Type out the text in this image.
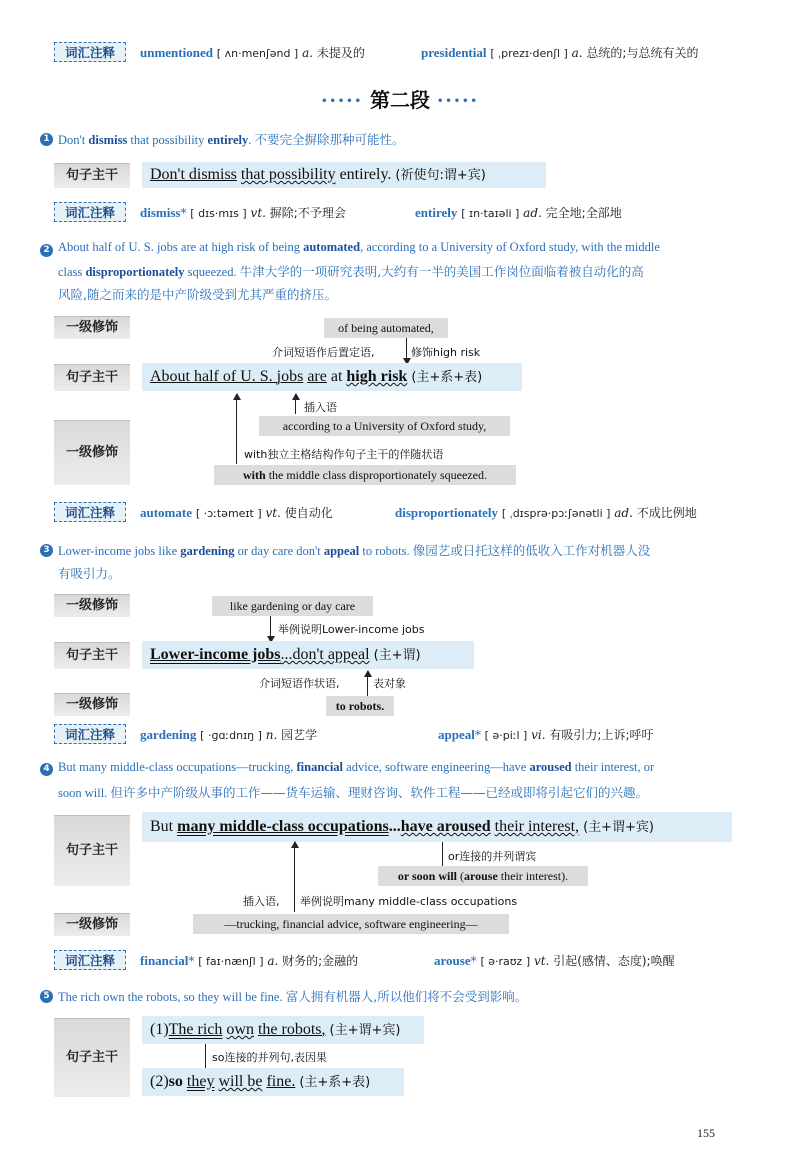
词汇注释	unmentioned [ ʌn·menʃənd ] a. 未提及的	presidential [ ˌprezɪ·denʃl ] a. 总统的;与总统有关的
••••• 第二段 •••••
1 Don't dismiss that possibility entirely. 不要完全摒除那种可能性。
句子主干	Don't dismiss that possibility entirely. (祈使句:谓+宾)
词汇注释	dismiss* [ dɪs·mɪs ] vt. 摒除;不予理会	entirely [ ɪn·taɪəli ] ad. 完全地;全部地
2 About half of U. S. jobs are at high risk of being automated, according to a University of Oxford study, with the middle
class disproportionately squeezed. 牛津大学的一项研究表明,大约有一半的美国工作岗位面临着被自动化的高
风险,随之而来的是中产阶级受到尤其严重的挤压。
一级修饰	of being automated,
介词短语作后置定语,	修饰high risk
句子主干	About half of U. S. jobs are at high risk (主+系+表)
插入语
according to a University of Oxford study,
一级修饰	with独立主格结构作句子主干的伴随状语
with the middle class disproportionately squeezed.
词汇注释	automate [ ·ɔːtəmeɪt ] vt. 使自动化	disproportionately [ ˌdɪsprə·pɔːʃənətli ] ad. 不成比例地
3 Lower-income jobs like gardening or day care don't appeal to robots. 像园艺或日托这样的低收入工作对机器人没
有吸引力。
一级修饰	like gardening or day care
举例说明Lower-income jobs
句子主干	Lower-income jobs...don't appeal (主+谓)
介词短语作状语,	表对象
一级修饰	to robots.
词汇注释	gardening [ ·ɡɑːdnɪŋ ] n. 园艺学	appeal* [ ə·piːl ] vi. 有吸引力;上诉;呼吁
4 But many middle-class occupations—trucking, financial advice, software engineering—have aroused their interest, or
soon will. 但许多中产阶级从事的工作——货车运输、理财咨询、软件工程——已经或即将引起它们的兴趣。
句子主干
But many middle-class occupations...have aroused their interest, (主+谓+宾)
or连接的并列谓宾
or soon will (arouse their interest).
插入语, 举例说明many middle-class occupations
一级修饰	—trucking, financial advice, software engineering—
词汇注释	financial* [ faɪ·nænʃl ] a. 财务的;金融的	arouse* [ ə·raʊz ] vt. 引起(感情、态度);唤醒
5 The rich own the robots, so they will be fine. 富人拥有机器人,所以他们将不会受到影响。
句子主干
(1)The rich own the robots, (主+谓+宾)
so连接的并列句,表因果
(2)so they will be fine. (主+系+表)
155
